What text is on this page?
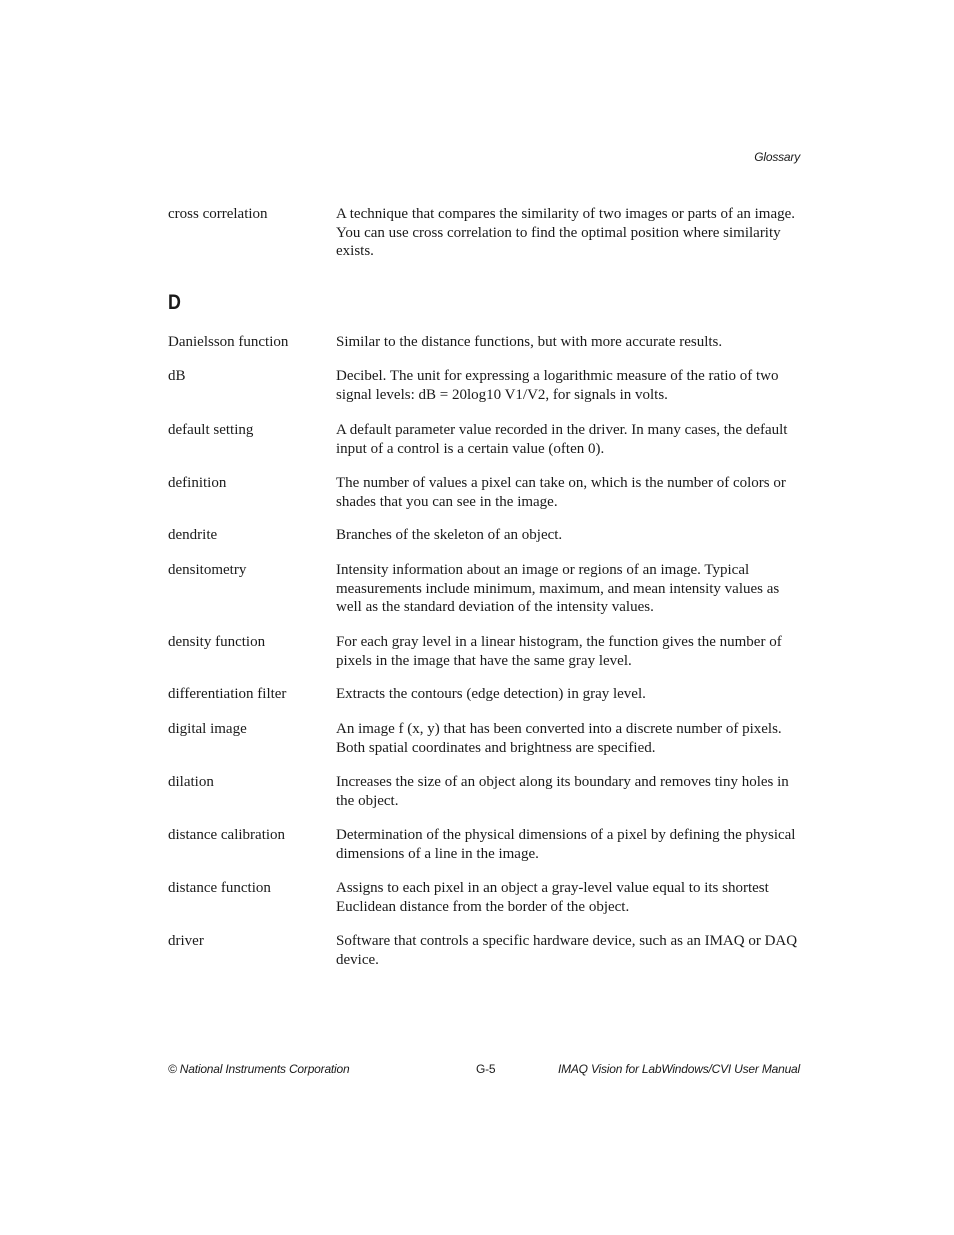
Glossary
cross correlation	A technique that compares the similarity of two images or parts of an image. You can use cross correlation to find the optimal position where similarity exists.
D
Danielsson function	Similar to the distance functions, but with more accurate results.
dB	Decibel. The unit for expressing a logarithmic measure of the ratio of two signal levels: dB = 20log10 V1/V2, for signals in volts.
default setting	A default parameter value recorded in the driver. In many cases, the default input of a control is a certain value (often 0).
definition	The number of values a pixel can take on, which is the number of colors or shades that you can see in the image.
dendrite	Branches of the skeleton of an object.
densitometry	Intensity information about an image or regions of an image. Typical measurements include minimum, maximum, and mean intensity values as well as the standard deviation of the intensity values.
density function	For each gray level in a linear histogram, the function gives the number of pixels in the image that have the same gray level.
differentiation filter	Extracts the contours (edge detection) in gray level.
digital image	An image f (x, y) that has been converted into a discrete number of pixels. Both spatial coordinates and brightness are specified.
dilation	Increases the size of an object along its boundary and removes tiny holes in the object.
distance calibration	Determination of the physical dimensions of a pixel by defining the physical dimensions of a line in the image.
distance function	Assigns to each pixel in an object a gray-level value equal to its shortest Euclidean distance from the border of the object.
driver	Software that controls a specific hardware device, such as an IMAQ or DAQ device.
© National Instruments Corporation	G-5	IMAQ Vision for LabWindows/CVI User Manual
